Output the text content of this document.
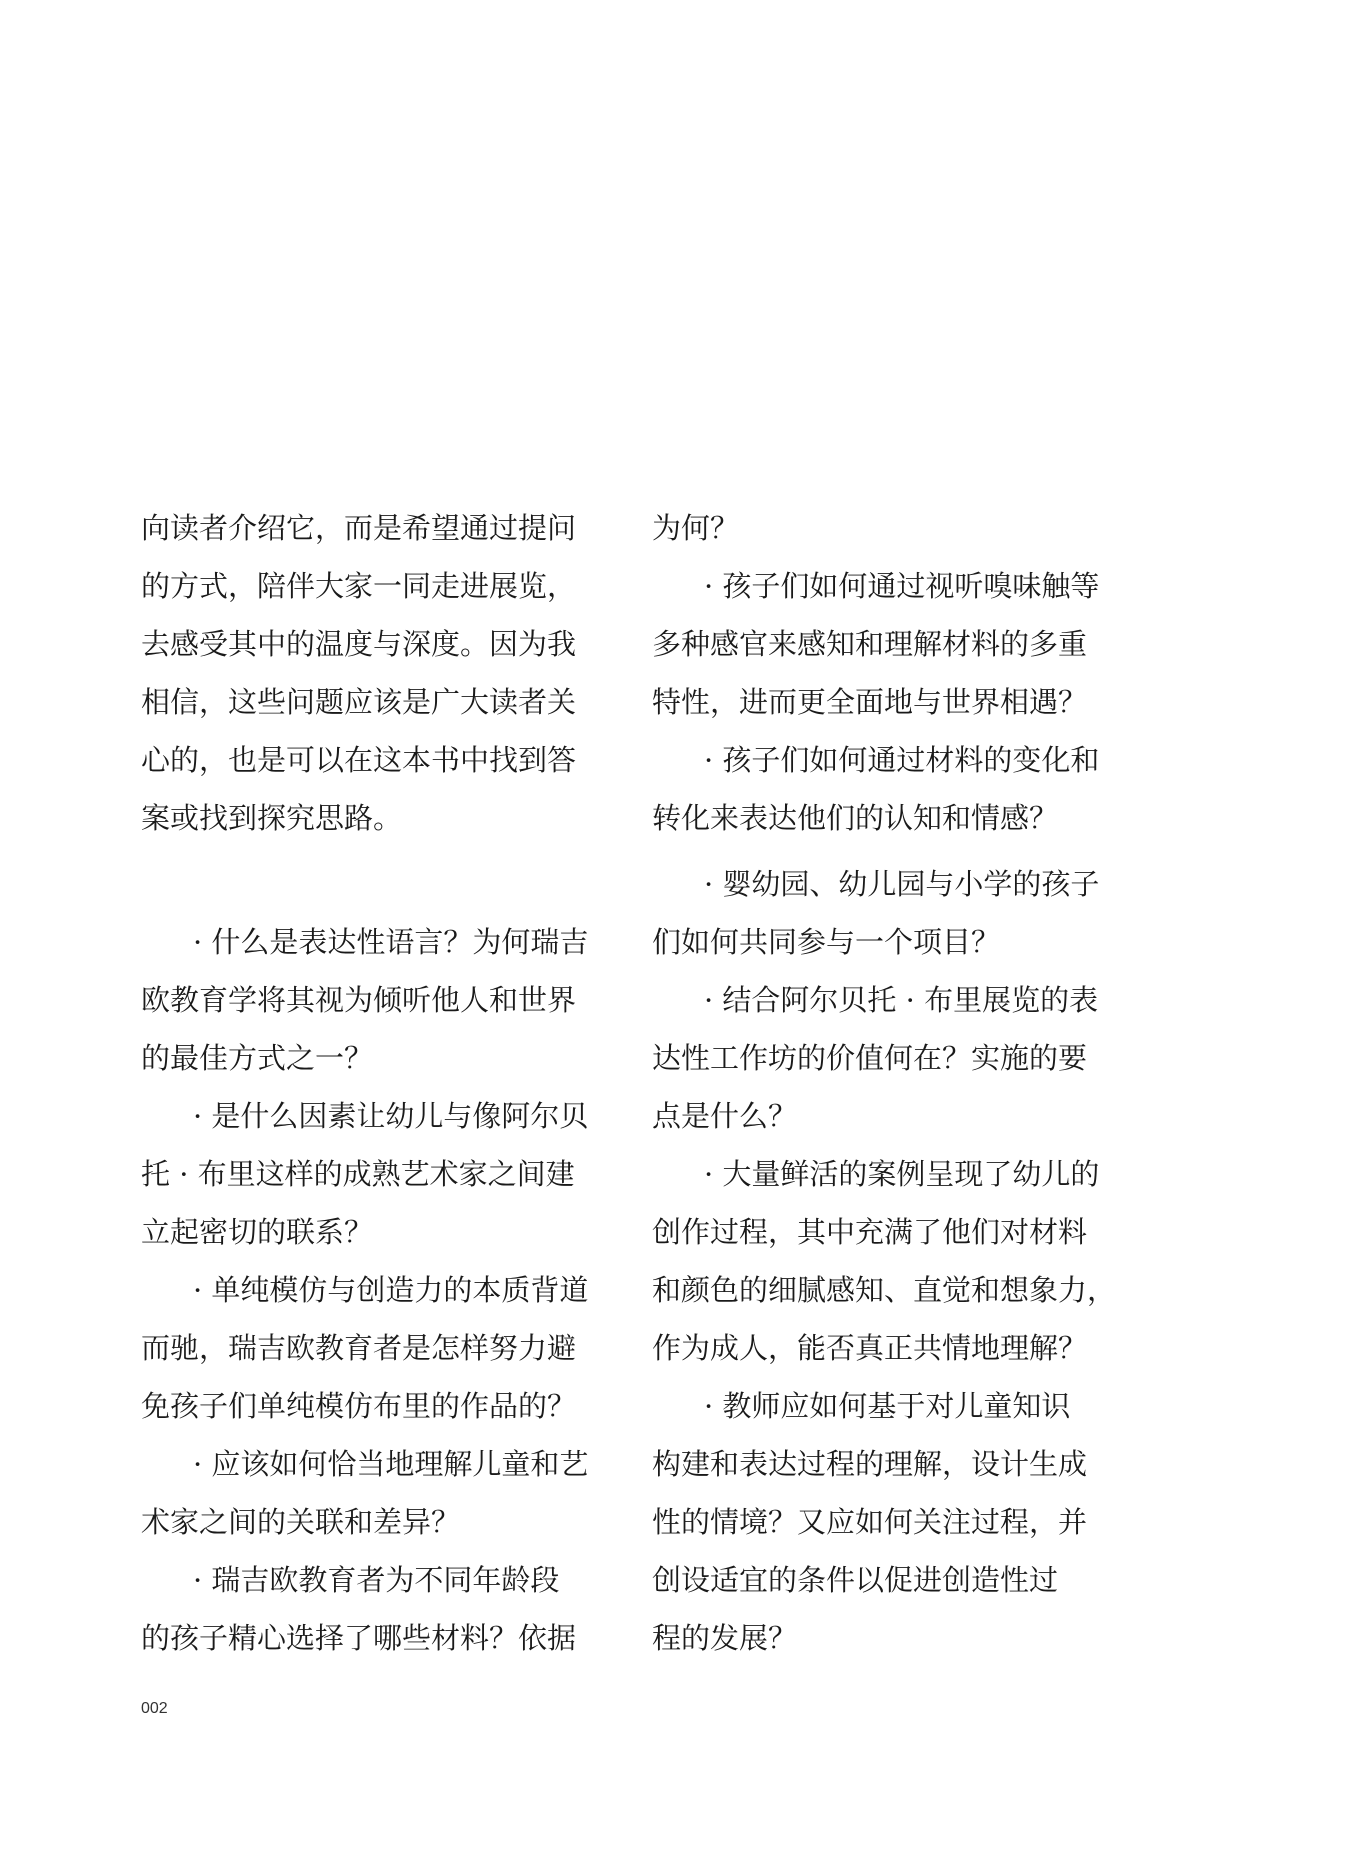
向读者介绍它，而是希望通过提问
的方式，陪伴大家一同走进展览，
去感受其中的温度与深度。因为我
相信，这些问题应该是广大读者关
心的，也是可以在这本书中找到答
案或找到探究思路。
· 什么是表达性语言？为何瑞吉
欧教育学将其视为倾听他人和世界
的最佳方式之一？
· 是什么因素让幼儿与像阿尔贝
托 · 布里这样的成熟艺术家之间建
立起密切的联系？
· 单纯模仿与创造力的本质背道
而驰，瑞吉欧教育者是怎样努力避
免孩子们单纯模仿布里的作品的？
· 应该如何恰当地理解儿童和艺
术家之间的关联和差异？
· 瑞吉欧教育者为不同年龄段
的孩子精心选择了哪些材料？依据
为何？
· 孩子们如何通过视听嗅味触等
多种感官来感知和理解材料的多重
特性，进而更全面地与世界相遇？
· 孩子们如何通过材料的变化和
转化来表达他们的认知和情感？
· 婴幼园、幼儿园与小学的孩子
们如何共同参与一个项目？
· 结合阿尔贝托 · 布里展览的表
达性工作坊的价值何在？实施的要
点是什么？
· 大量鲜活的案例呈现了幼儿的
创作过程，其中充满了他们对材料
和颜色的细腻感知、直觉和想象力，
作为成人，能否真正共情地理解？
· 教师应如何基于对儿童知识
构建和表达过程的理解，设计生成
性的情境？又应如何关注过程，并
创设适宜的条件以促进创造性过
程的发展？
002
